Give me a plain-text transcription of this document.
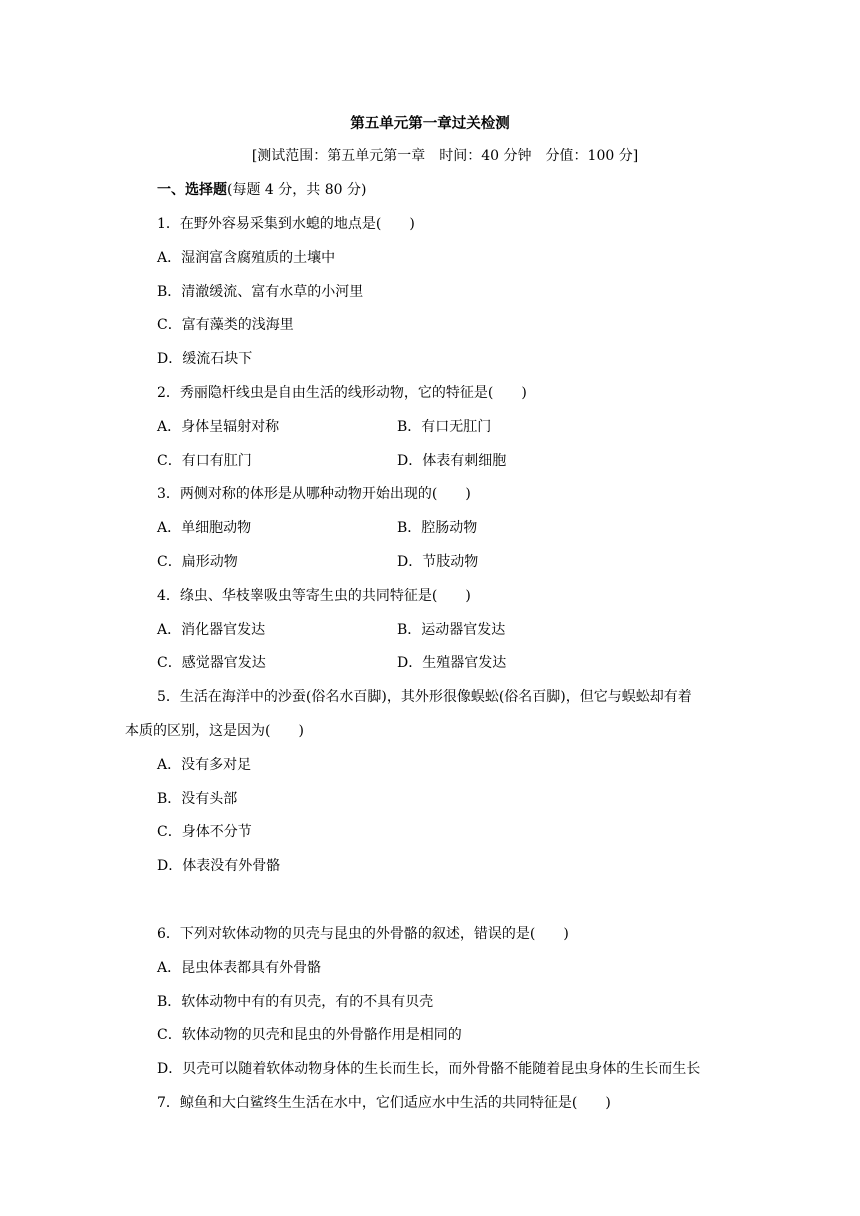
第五单元第一章过关检测
[测试范围：第五单元第一章　时间：40 分钟　分值：100 分]
一、选择题(每题 4 分，共 80 分)
1．在野外容易采集到水螅的地点是(　　)
A．湿润富含腐殖质的土壤中
B．清澈缓流、富有水草的小河里
C．富有藻类的浅海里
D．缓流石块下
2．秀丽隐杆线虫是自由生活的线形动物，它的特征是(　　)
A．身体呈辐射对称	B．有口无肛门
C．有口有肛门	D．体表有刺细胞
3．两侧对称的体形是从哪种动物开始出现的(　　)
A．单细胞动物	B．腔肠动物
C．扁形动物	D．节肢动物
4．绦虫、华枝睾吸虫等寄生虫的共同特征是(　　)
A．消化器官发达	B．运动器官发达
C．感觉器官发达	D．生殖器官发达
5．生活在海洋中的沙蚕(俗名水百脚)，其外形很像蜈蚣(俗名百脚)，但它与蜈蚣却有着
本质的区别，这是因为(　　)
A．没有多对足
B．没有头部
C．身体不分节
D．体表没有外骨骼
6．下列对软体动物的贝壳与昆虫的外骨骼的叙述，错误的是(　　)
A．昆虫体表都具有外骨骼
B．软体动物中有的有贝壳，有的不具有贝壳
C．软体动物的贝壳和昆虫的外骨骼作用是相同的
D．贝壳可以随着软体动物身体的生长而生长，而外骨骼不能随着昆虫身体的生长而生长
7．鲸鱼和大白鲨终生生活在水中，它们适应水中生活的共同特征是(　　)
